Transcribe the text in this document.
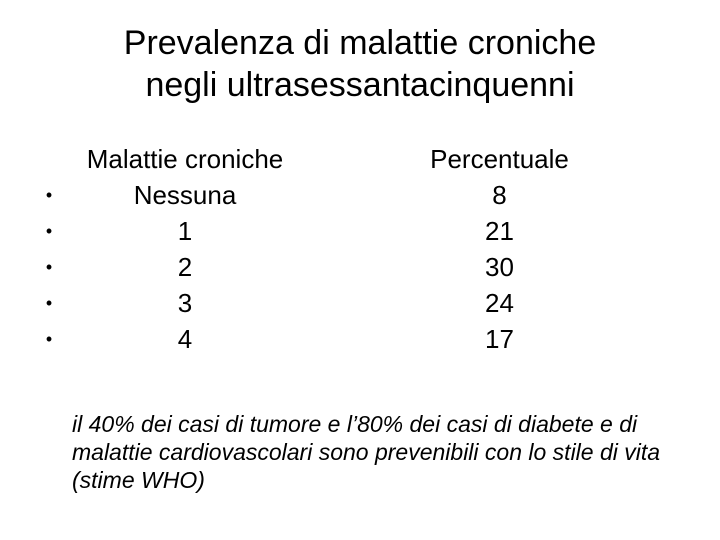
Prevalenza di malattie croniche
negli ultrasessantacinquenni
Malattie croniche	Percentuale
•	Nessuna	8
•	1	21
•	2	30
•	3	24
•	4	17
il 40% dei casi di tumore e l’80% dei casi di diabete e di malattie cardiovascolari sono prevenibili con lo stile di vita (stime WHO)
